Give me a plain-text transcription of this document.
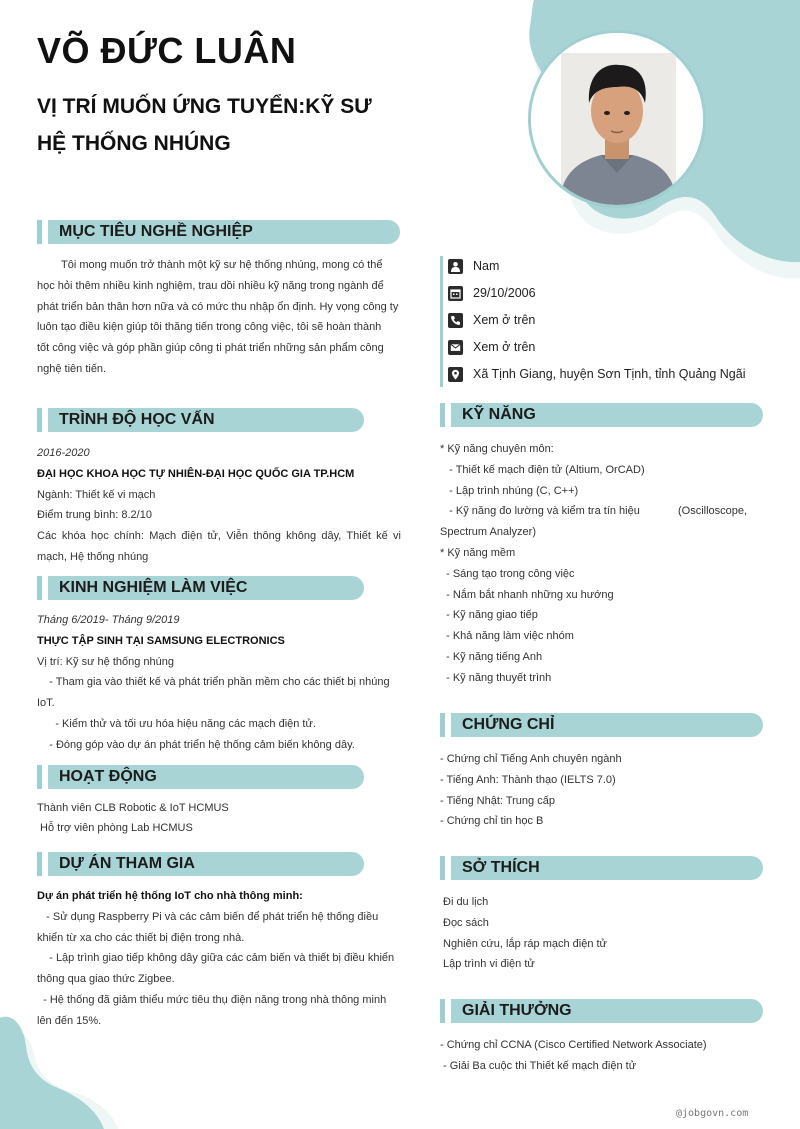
VÕ ĐỨC LUÂN
VỊ TRÍ MUỐN ỨNG TUYỂN:KỸ SƯ
HỆ THỐNG NHÚNG
MỤC TIÊU NGHỀ NGHIỆP
Tôi mong muốn trở thành một kỹ sư hệ thống nhúng, mong có thể
học hỏi thêm nhiều kinh nghiệm, trau dồi nhiều kỹ năng trong ngành để
phát triển bản thân hơn nữa và có mức thu nhập ổn định. Hy vọng công ty
luôn tạo điều kiện giúp tôi thăng tiến trong công việc, tôi sẽ hoàn thành
tốt công việc và góp phần giúp công ti phát triển những sản phẩm công
nghệ tiên tiến.
Nam
29/10/2006
Xem ở trên
Xem ở trên
Xã Tịnh Giang, huyện Sơn Tịnh, tỉnh Quảng Ngãi
TRÌNH ĐỘ HỌC VẤN
2016-2020
ĐẠI HỌC KHOA HỌC TỰ NHIÊN-ĐẠI HỌC QUỐC GIA TP.HCM
Ngành: Thiết kế vi mạch
Điểm trung bình: 8.2/10
Các khóa học chính: Mạch điện tử, Viễn thông không dây, Thiết kế vi
mạch, Hệ thống nhúng
KINH NGHIỆM LÀM VIỆC
Tháng 6/2019- Tháng 9/2019
THỰC TẬP SINH TẠI SAMSUNG ELECTRONICS
Vị trí: Kỹ sư hệ thống nhúng
- Tham gia vào thiết kế và phát triển phần mềm cho các thiết bị nhúng
IoT.
- Kiểm thử và tối ưu hóa hiệu năng các mạch điện tử.
- Đóng góp vào dự án phát triển hệ thống cảm biến không dây.
HOẠT ĐỘNG
Thành viên CLB Robotic & IoT HCMUS
Hỗ trợ viên phòng Lab HCMUS
DỰ ÁN THAM GIA
Dự án phát triển hệ thống IoT cho nhà thông minh:
- Sử dụng Raspberry Pi và các cảm biến để phát triển hệ thống điều
khiển từ xa cho các thiết bị điện trong nhà.
- Lập trình giao tiếp không dây giữa các cảm biến và thiết bị điều khiển
thông qua giao thức Zigbee.
- Hệ thống đã giảm thiểu mức tiêu thụ điện năng trong nhà thông minh
lên đến 15%.
KỸ NĂNG
* Kỹ năng chuyên môn:
- Thiết kế mạch điện tử (Altium, OrCAD)
- Lập trình nhúng (C, C++)
- Kỹ năng đo lường và kiểm tra tín hiệu	(Oscilloscope,
Spectrum Analyzer)
* Kỹ năng mềm
- Sáng tạo trong công việc
- Nắm bắt nhanh những xu hướng
- Kỹ năng giao tiếp
- Khả năng làm việc nhóm
- Kỹ năng tiếng Anh
- Kỹ năng thuyết trình
CHỨNG CHỈ
- Chứng chỉ Tiếng Anh chuyên ngành
- Tiếng Anh: Thành thạo (IELTS 7.0)
- Tiếng Nhật: Trung cấp
- Chứng chỉ tin học B
SỞ THÍCH
Đi du lịch
Đọc sách
Nghiên cứu, lắp ráp mạch điện tử
Lập trình vi điện tử
GIẢI THƯỞNG
- Chứng chỉ CCNA (Cisco Certified Network Associate)
- Giải Ba cuộc thi Thiết kế mạch điện tử
@jobgovn.com
